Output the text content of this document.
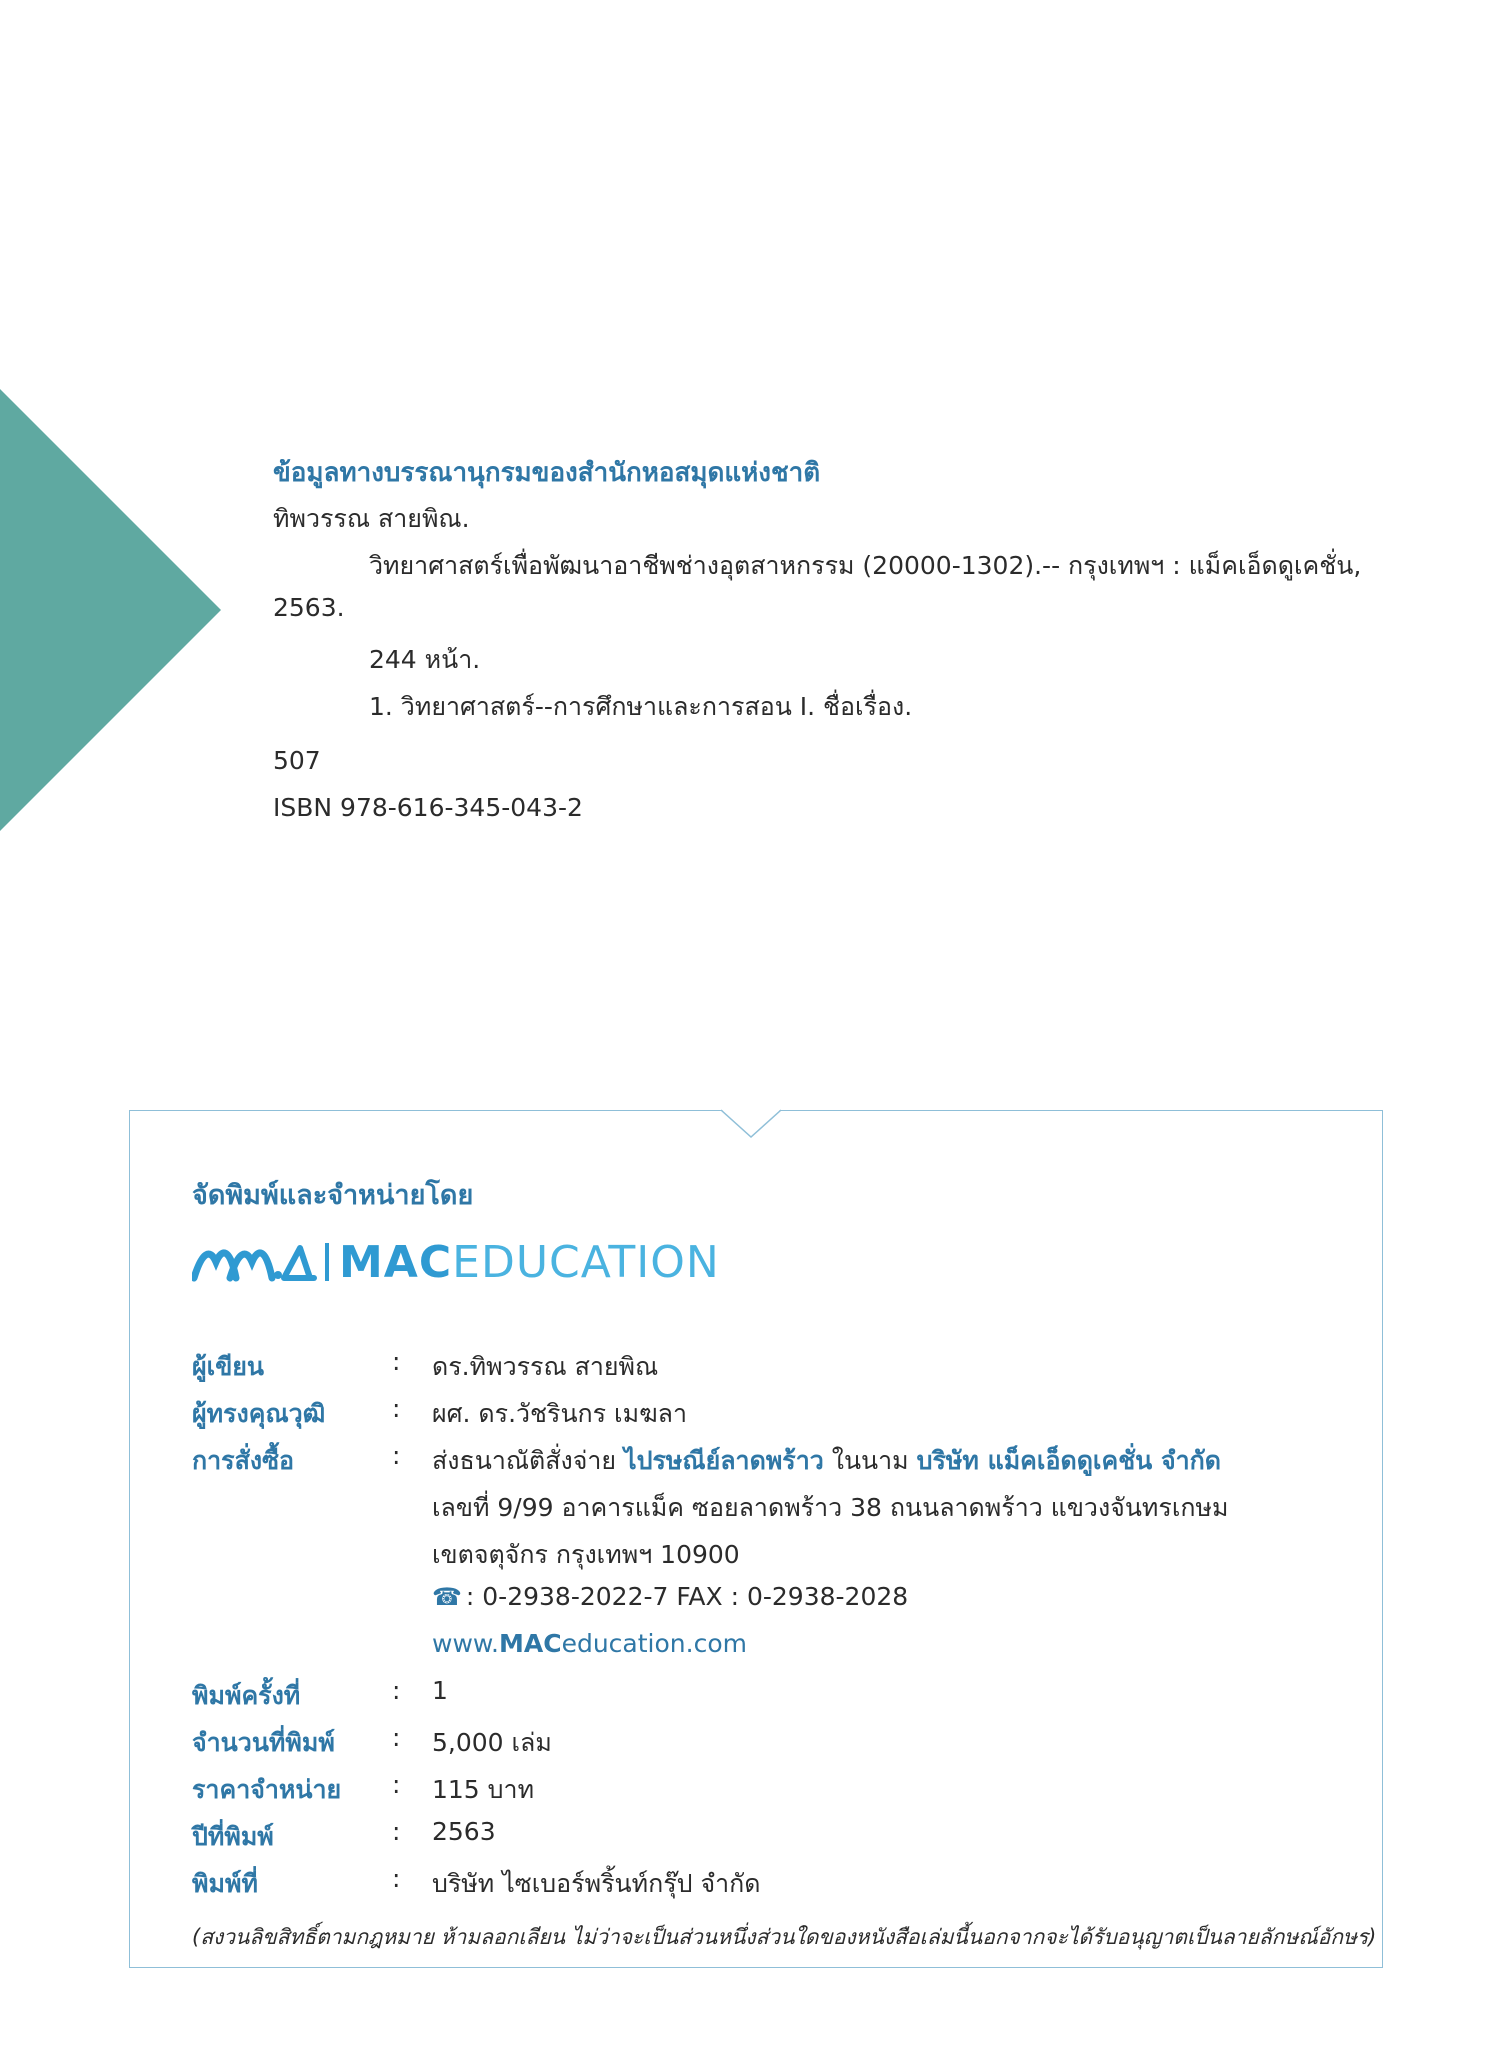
ข้อมูลทางบรรณานุกรมของสำนักหอสมุดแห่งชาติ
ทิพวรรณ สายพิณ.
วิทยาศาสตร์เพื่อพัฒนาอาชีพช่างอุตสาหกรรม (20000-1302).-- กรุงเทพฯ : แม็คเอ็ดดูเคชั่น,
2563.
244 หน้า.
1. วิทยาศาสตร์--การศึกษาและการสอน I. ชื่อเรื่อง.
507
ISBN 978-616-345-043-2
จัดพิมพ์และจำหน่ายโดย
MACEDUCATION
ผู้เขียน	: ดร.ทิพวรรณ สายพิณ
ผู้ทรงคุณวุฒิ	: ผศ. ดร.วัชรินกร เมฆลา
การสั่งซื้อ	: ส่งธนาณัติสั่งจ่าย ไปรษณีย์ลาดพร้าว ในนาม บริษัท แม็คเอ็ดดูเคชั่น จำกัด
เลขที่ 9/99 อาคารแม็ค ซอยลาดพร้าว 38 ถนนลาดพร้าว แขวงจันทรเกษม
เขตจตุจักร กรุงเทพฯ 10900
☎ : 0-2938-2022-7 FAX : 0-2938-2028
www.MACeducation.com
พิมพ์ครั้งที่	: 1
จำนวนที่พิมพ์ : 5,000 เล่ม
ราคาจำหน่าย : 115 บาท
ปีที่พิมพ์	: 2563
พิมพ์ที่	: บริษัท ไซเบอร์พริ้นท์กรุ๊ป จำกัด
(สงวนลิขสิทธิ์ตามกฎหมาย ห้ามลอกเลียน ไม่ว่าจะเป็นส่วนหนึ่งส่วนใดของหนังสือเล่มนี้นอกจากจะได้รับอนุญาตเป็นลายลักษณ์อักษร)
